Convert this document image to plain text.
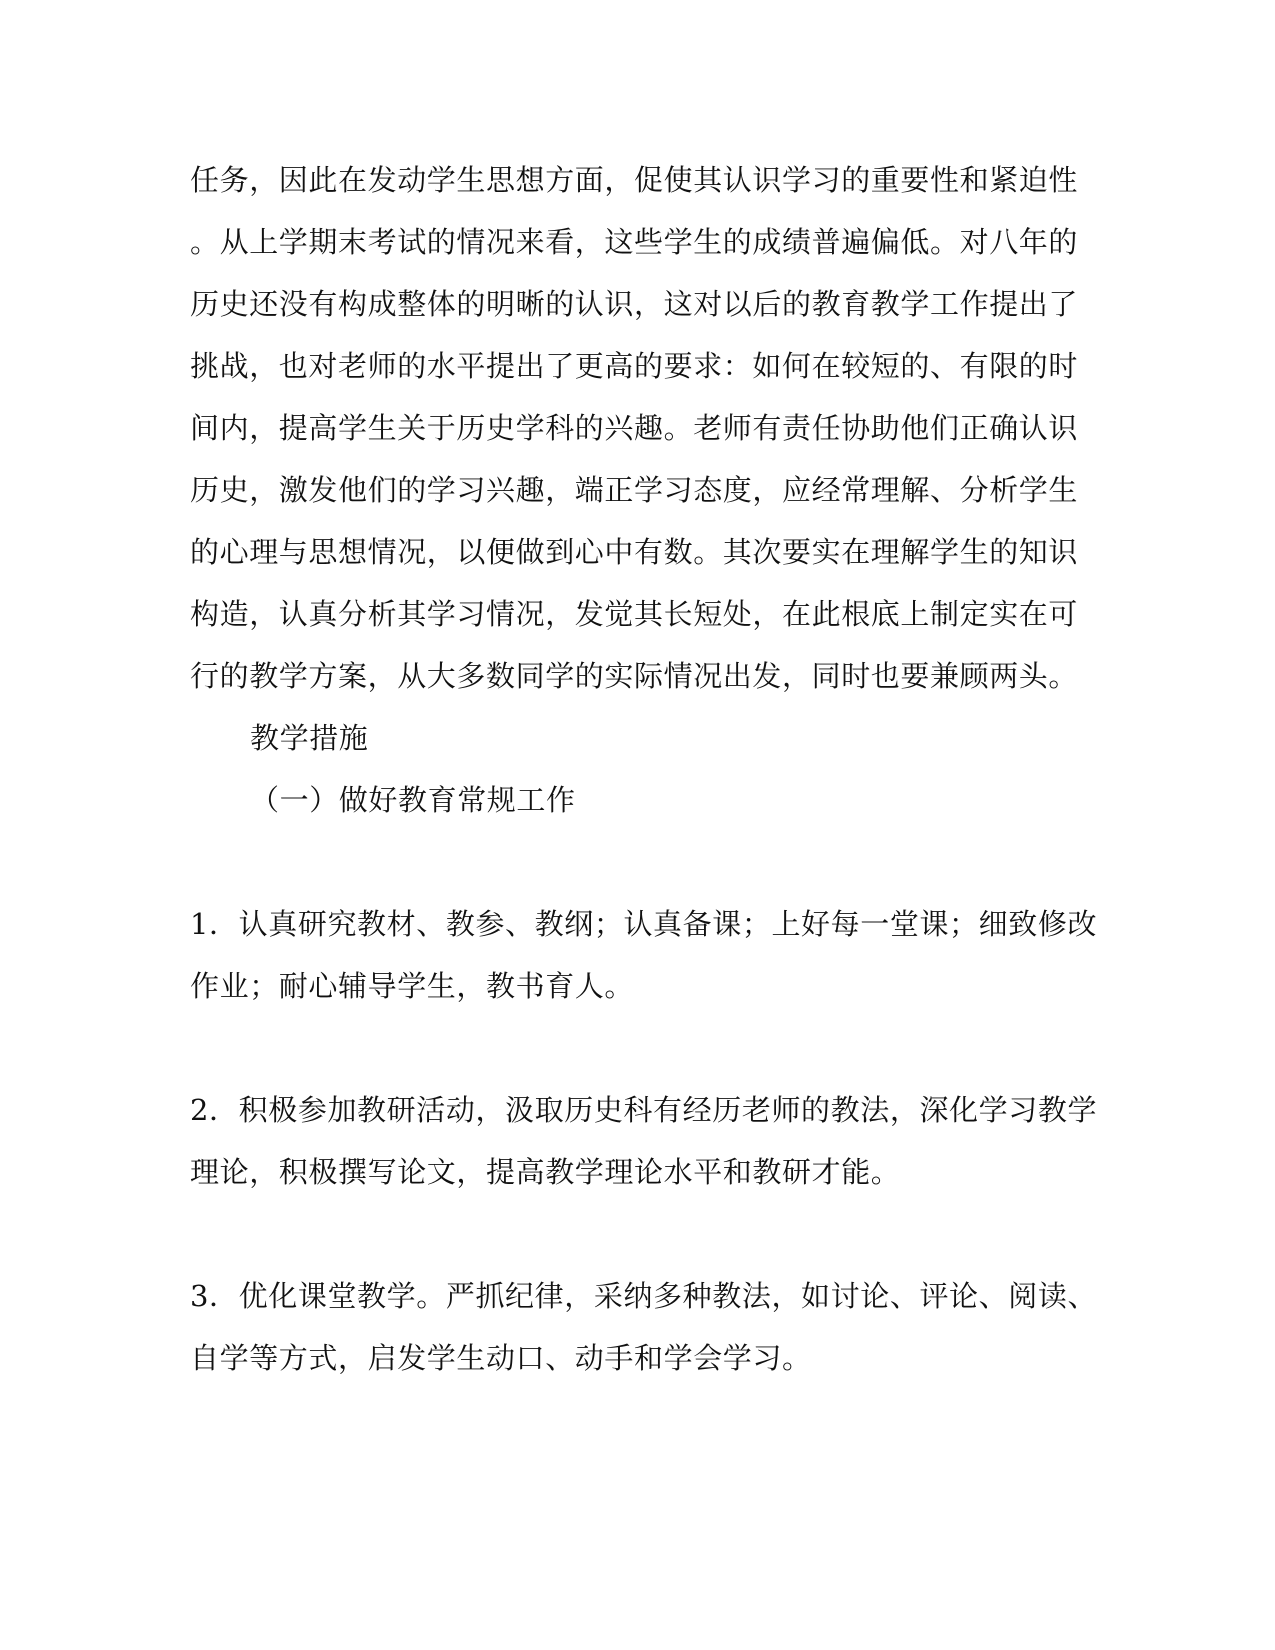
任务，因此在发动学生思想方面，促使其认识学习的重要性和紧迫性
。从上学期末考试的情况来看，这些学生的成绩普遍偏低。对八年的
历史还没有构成整体的明晰的认识，这对以后的教育教学工作提出了
挑战，也对老师的水平提出了更高的要求：如何在较短的、有限的时
间内，提高学生关于历史学科的兴趣。老师有责任协助他们正确认识
历史，激发他们的学习兴趣，端正学习态度，应经常理解、分析学生
的心理与思想情况，以便做到心中有数。其次要实在理解学生的知识
构造，认真分析其学习情况，发觉其长短处，在此根底上制定实在可
行的教学方案，从大多数同学的实际情况出发，同时也要兼顾两头。
教学措施
（一）做好教育常规工作
1．认真研究教材、教参、教纲；认真备课；上好每一堂课；细致修改
作业；耐心辅导学生，教书育人。
2．积极参加教研活动，汲取历史科有经历老师的教法，深化学习教学
理论，积极撰写论文，提高教学理论水平和教研才能。
3．优化课堂教学。严抓纪律，采纳多种教法，如讨论、评论、阅读、
自学等方式，启发学生动口、动手和学会学习。
